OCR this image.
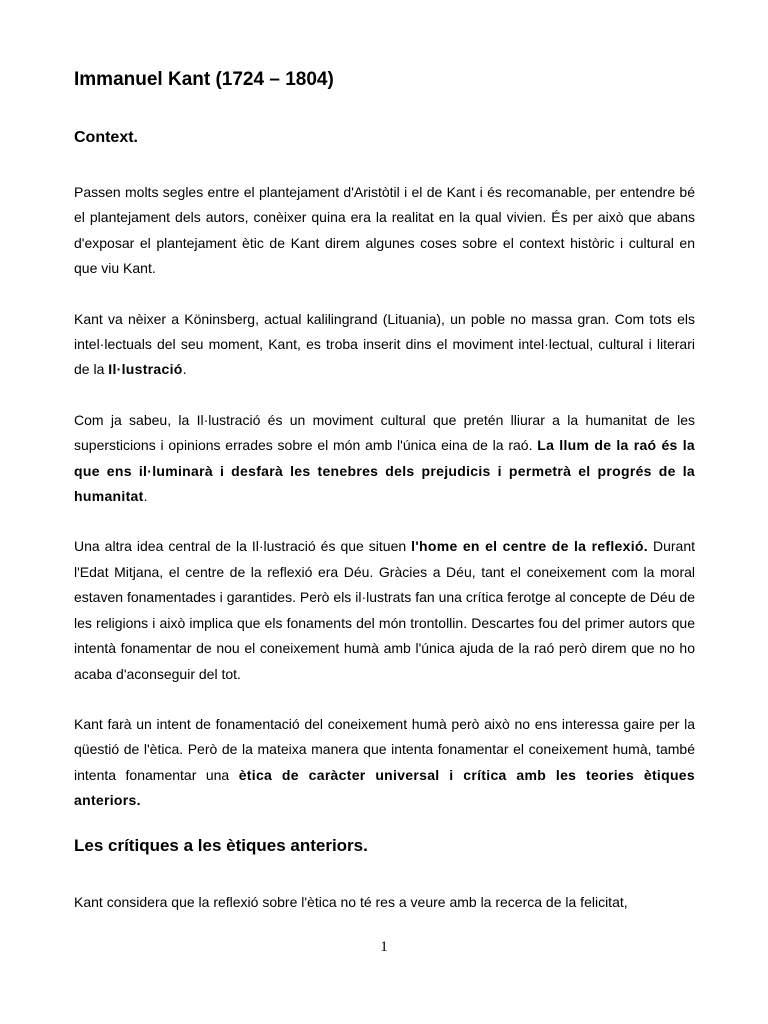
Immanuel Kant (1724 – 1804)
Context.

Passen molts segles entre el plantejament d'Aristòtil i el de Kant i és recomanable, per entendre bé el plantejament dels autors, conèixer quina era la realitat en la qual vivien. És per això que abans d'exposar el plantejament ètic de Kant direm algunes coses sobre el context històric i cultural en que viu Kant.

Kant va nèixer a Köninsberg, actual kalilingrand (Lituania), un poble no massa gran. Com tots els intel·lectuals del seu moment, Kant, es troba inserit dins el moviment intel·lectual, cultural i literari de la Il·lustració.

Com ja sabeu, la Il·lustració és un moviment cultural que pretén lliurar a la humanitat de les supersticions i opinions errades sobre el món amb l'única eina de la raó. La llum de la raó és la que ens il·luminarà i desfarà les tenebres dels prejudicis i permetrà el progrés de la humanitat.

Una altra idea central de la Il·lustració és que situen l'home en el centre de la reflexió. Durant l'Edat Mitjana, el centre de la reflexió era Déu. Gràcies a Déu, tant el coneixement com la moral estaven fonamentades i garantides. Però els il·lustrats fan una crítica ferotge al concepte de Déu de les religions i això implica que els fonaments del món trontollin. Descartes fou del primer autors que intentà fonamentar de nou el coneixement humà amb l'única ajuda de la raó però direm que no ho acaba d'aconseguir del tot.

Kant farà un intent de fonamentació del coneixement humà però això no ens interessa gaire per la qüestió de l'ètica. Però de la mateixa manera que intenta fonamentar el coneixement humà, també intenta fonamentar una ètica de caràcter universal i crítica amb les teories ètiques anteriors.

Les crítiques a les ètiques anteriors.

Kant considera que la reflexió sobre l'ètica no té res a veure amb la recerca de la felicitat,

1
